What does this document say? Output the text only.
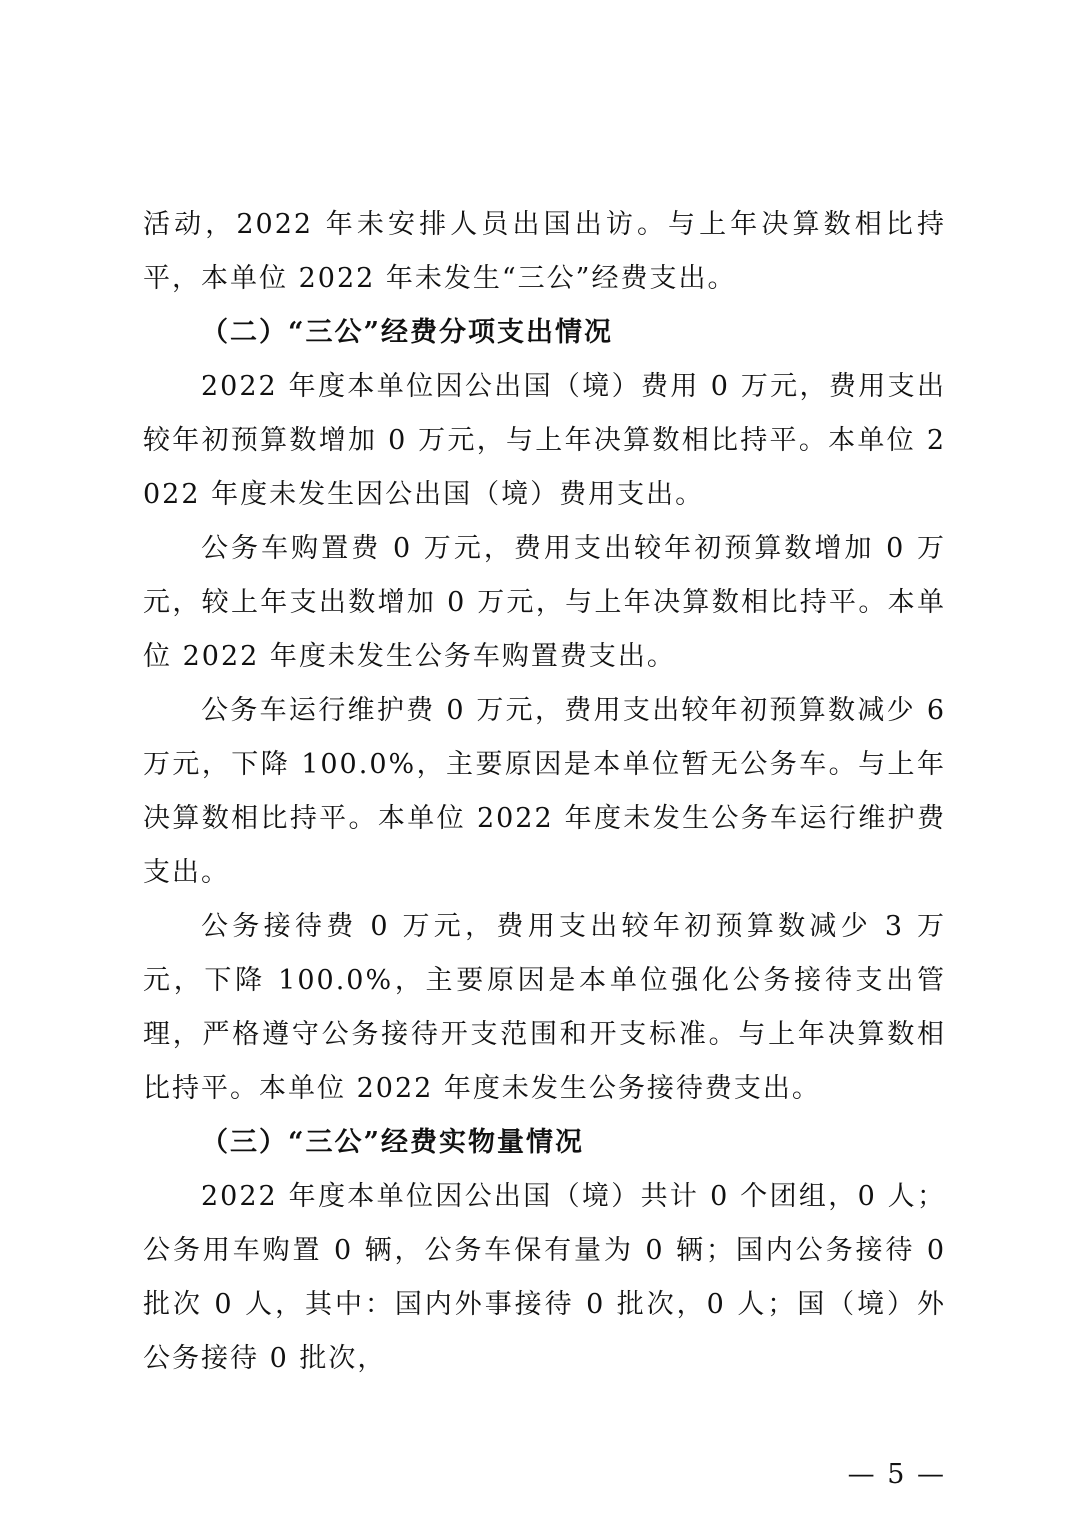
活动，2022 年未安排人员出国出访。与上年决算数相比持平，本单位 2022 年未发生“三公”经费支出。

（二）“三公”经费分项支出情况

2022 年度本单位因公出国（境）费用 0 万元，费用支出较年初预算数增加 0 万元，与上年决算数相比持平。本单位 2022 年度未发生因公出国（境）费用支出。

公务车购置费 0 万元，费用支出较年初预算数增加 0 万元，较上年支出数增加 0 万元，与上年决算数相比持平。本单位 2022 年度未发生公务车购置费支出。

公务车运行维护费 0 万元，费用支出较年初预算数减少 6 万元，下降 100.0%，主要原因是本单位暂无公务车。与上年决算数相比持平。本单位 2022 年度未发生公务车运行维护费支出。

公务接待费 0 万元，费用支出较年初预算数减少 3 万元，下降 100.0%，主要原因是本单位强化公务接待支出管理，严格遵守公务接待开支范围和开支标准。与上年决算数相比持平。本单位 2022 年度未发生公务接待费支出。

（三）“三公”经费实物量情况

2022 年度本单位因公出国（境）共计 0 个团组，0 人；公务用车购置 0 辆，公务车保有量为 0 辆；国内公务接待 0 批次 0 人，其中：国内外事接待 0 批次，0 人；国（境）外公务接待 0 批次，

— 5 —
